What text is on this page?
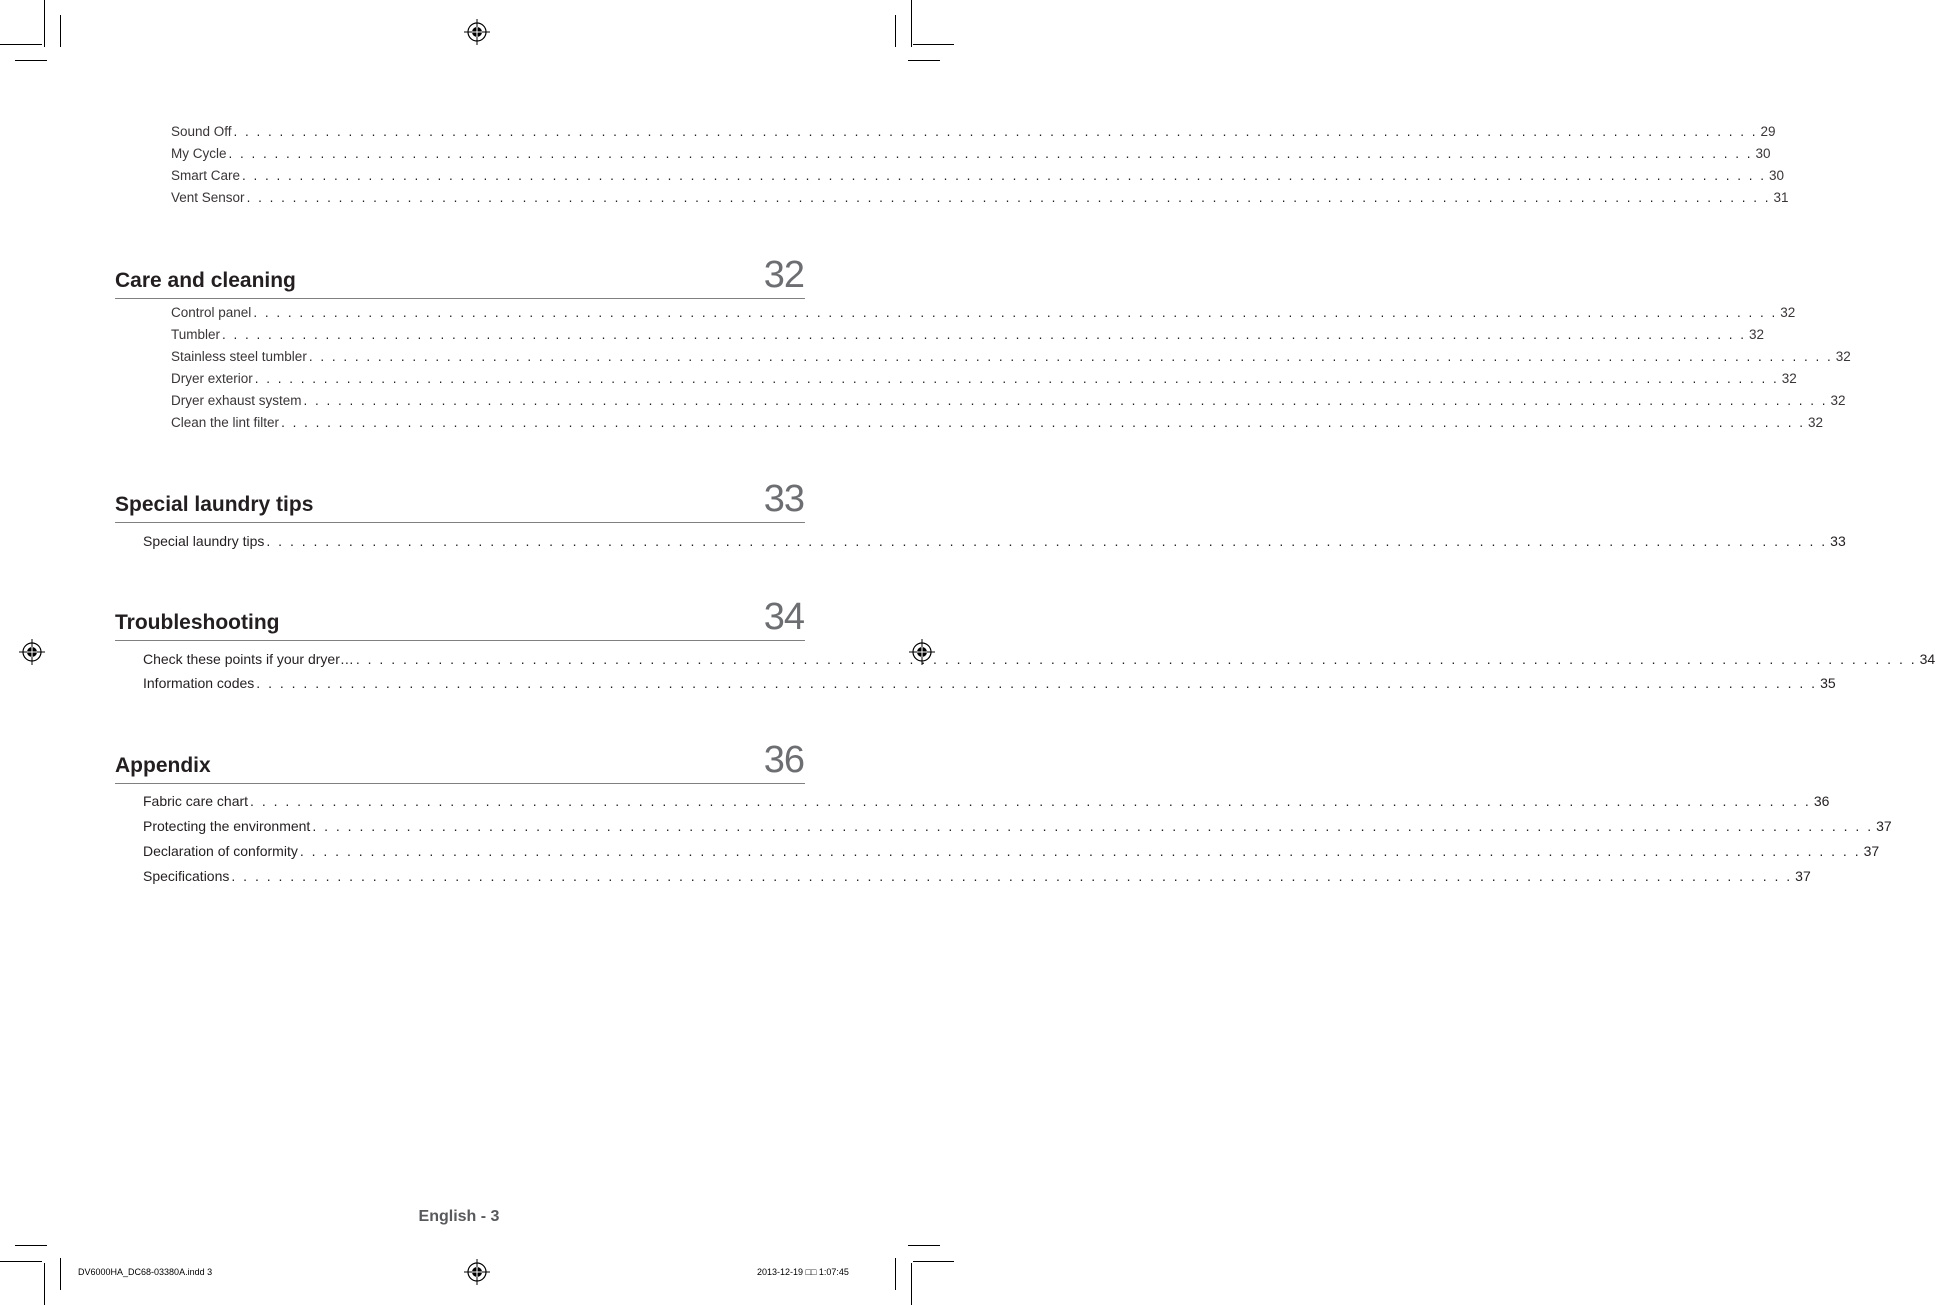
Sound Off . . . . . . . . . . . . . . . . . . . . . . . . . . . . . . . . . . . . . . . . . . . . . . . . . . . . . . . . . . . . . . . . . . . . . . . . . . . . . . . . . . . . . . . . . . . . . . . . . . . . . . . . . . . . . . . . . . . . . . . . . . . . . . . . . . . . . 29
My Cycle . . . . . . . . . . . . . . . . . . . . . . . . . . . . . . . . . . . . . . . . . . . . . . . . . . . . . . . . . . . . . . . . . . . . . . . . . . . . . . . . . . . . . . . . . . . . . . . . . . . . . . . . . . . . . . . . . . . . . . . . . . . . . . . . . . . . . 30
Smart Care . . . . . . . . . . . . . . . . . . . . . . . . . . . . . . . . . . . . . . . . . . . . . . . . . . . . . . . . . . . . . . . . . . . . . . . . . . . . . . . . . . . . . . . . . . . . . . . . . . . . . . . . . . . . . . . . . . . . . . . . . . . . . . . . . . . . . 30
Vent Sensor . . . . . . . . . . . . . . . . . . . . . . . . . . . . . . . . . . . . . . . . . . . . . . . . . . . . . . . . . . . . . . . . . . . . . . . . . . . . . . . . . . . . . . . . . . . . . . . . . . . . . . . . . . . . . . . . . . . . . . . . . . . . . . . . . . . . . 31
Care and cleaning	32
Control panel . . . . . . . . . . . . . . . . . . . . . . . . . . . . . . . . . . . . . . . . . . . . . . . . . . . . . . . . . . . . . . . . . . . . . . . . . . . . . . . . . . . . . . . . . . . . . . . . . . . . . . . . . . . . . . . . . . . . . . . . . . . . . . . . . . . . . 32
Tumbler . . . . . . . . . . . . . . . . . . . . . . . . . . . . . . . . . . . . . . . . . . . . . . . . . . . . . . . . . . . . . . . . . . . . . . . . . . . . . . . . . . . . . . . . . . . . . . . . . . . . . . . . . . . . . . . . . . . . . . . . . . . . . . . . . . . . . 32
Stainless steel tumbler . . . . . . . . . . . . . . . . . . . . . . . . . . . . . . . . . . . . . . . . . . . . . . . . . . . . . . . . . . . . . . . . . . . . . . . . . . . . . . . . . . . . . . . . . . . . . . . . . . . . . . . . . . . . . . . . . . . . . . . . . . . . . . . . . . . . . 32
Dryer exterior . . . . . . . . . . . . . . . . . . . . . . . . . . . . . . . . . . . . . . . . . . . . . . . . . . . . . . . . . . . . . . . . . . . . . . . . . . . . . . . . . . . . . . . . . . . . . . . . . . . . . . . . . . . . . . . . . . . . . . . . . . . . . . . . . . . . . 32
Dryer exhaust system . . . . . . . . . . . . . . . . . . . . . . . . . . . . . . . . . . . . . . . . . . . . . . . . . . . . . . . . . . . . . . . . . . . . . . . . . . . . . . . . . . . . . . . . . . . . . . . . . . . . . . . . . . . . . . . . . . . . . . . . . . . . . . . . . . . . . 32
Clean the lint filter . . . . . . . . . . . . . . . . . . . . . . . . . . . . . . . . . . . . . . . . . . . . . . . . . . . . . . . . . . . . . . . . . . . . . . . . . . . . . . . . . . . . . . . . . . . . . . . . . . . . . . . . . . . . . . . . . . . . . . . . . . . . . . . . . . . . . 32
Special laundry tips	33
Special laundry tips . . . . . . . . . . . . . . . . . . . . . . . . . . . . . . . . . . . . . . . . . . . . . . . . . . . . . . . . . . . . . . . . . . . . . . . . . . . . . . . . . . . . . . . . . . . . . . . . . . . . . . . . . . . . . . . . . . . . . . . . . . . . . . . . . . . . . 33
Troubleshooting	34
Check these points if your dryer… . . . . . . . . . . . . . . . . . . . . . . . . . . . . . . . . . . . . . . . . . . . . . . . . . . . . . . . . . . . . . . . . . . . . . . . . . . . . . . . . . . . . . . . . . . . . . . . . . . . . . . . . . . . . . . . . . . . . . . . . . . . . . . . . . . . . . 34
Information codes . . . . . . . . . . . . . . . . . . . . . . . . . . . . . . . . . . . . . . . . . . . . . . . . . . . . . . . . . . . . . . . . . . . . . . . . . . . . . . . . . . . . . . . . . . . . . . . . . . . . . . . . . . . . . . . . . . . . . . . . . . . . . . . . . . . . . 35
Appendix	36
Fabric care chart . . . . . . . . . . . . . . . . . . . . . . . . . . . . . . . . . . . . . . . . . . . . . . . . . . . . . . . . . . . . . . . . . . . . . . . . . . . . . . . . . . . . . . . . . . . . . . . . . . . . . . . . . . . . . . . . . . . . . . . . . . . . . . . . . . . . . 36
Protecting the environment . . . . . . . . . . . . . . . . . . . . . . . . . . . . . . . . . . . . . . . . . . . . . . . . . . . . . . . . . . . . . . . . . . . . . . . . . . . . . . . . . . . . . . . . . . . . . . . . . . . . . . . . . . . . . . . . . . . . . . . . . . . . . . . . . . . . . 37
Declaration of conformity . . . . . . . . . . . . . . . . . . . . . . . . . . . . . . . . . . . . . . . . . . . . . . . . . . . . . . . . . . . . . . . . . . . . . . . . . . . . . . . . . . . . . . . . . . . . . . . . . . . . . . . . . . . . . . . . . . . . . . . . . . . . . . . . . . . . . 37
Specifications . . . . . . . . . . . . . . . . . . . . . . . . . . . . . . . . . . . . . . . . . . . . . . . . . . . . . . . . . . . . . . . . . . . . . . . . . . . . . . . . . . . . . . . . . . . . . . . . . . . . . . . . . . . . . . . . . . . . . . . . . . . . . . . . . . . . . 37
English - 3
DV6000HA_DC68-03380A.indd 3	2013-12-19 □□ 1:07:45
